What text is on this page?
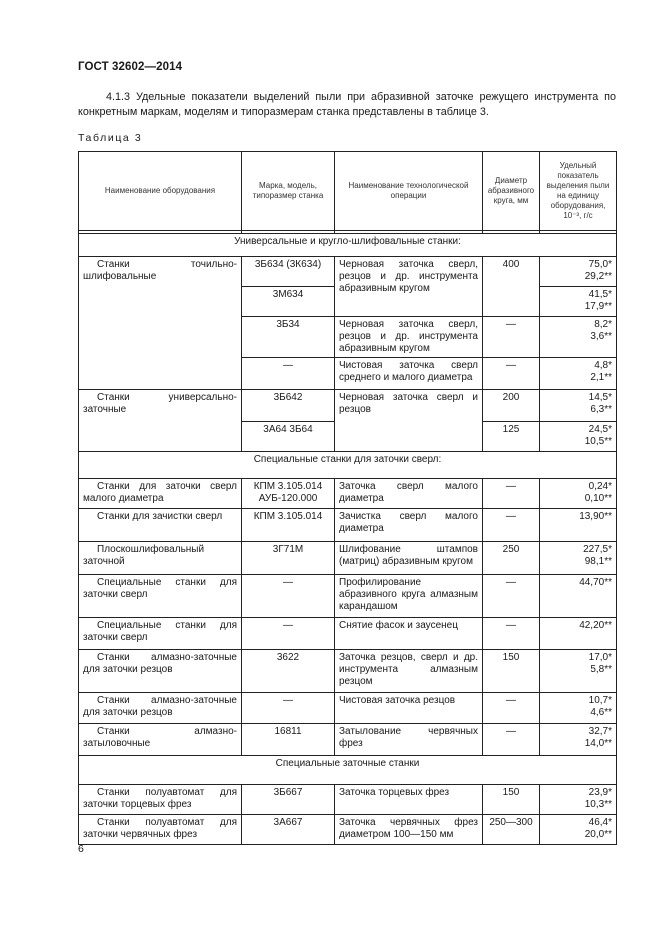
ГОСТ 32602—2014
4.1.3 Удельные показатели выделений пыли при абразивной заточке режущего инструмента по конкретным маркам, моделям и типоразмерам станка представлены в таблице 3.
Таблица 3
Наименование оборудования	Марка, модель, типоразмер станка	Наименование технологической операции	Диаметр абразивного круга, мм	Удельный показатель выделения пыли на единицу оборудования, 10⁻³, г/с

Универсальные и кругло-шлифовальные станки:				
Станки точильно-шлифовальные	3Б634 (3К634)	Черновая заточка сверл, резцов и др. инструмента абразивным кругом	400	75,0*
29,2**
	3М634			41,5*
17,9**
	3Б34	Черновая заточка сверл, резцов и др. инструмента абразивным кругом	—	8,2*
3,6**
	—	Чистовая заточка сверл среднего и малого диаметра	—	4,8*
2,1**
Станки универсально-заточные	3Б642	Черновая заточка сверл и резцов	200	14,5*
6,3**
	3А64 3Б64		125	24,5*
10,5**
Специальные станки для заточки сверл:				
Станки для заточки сверл малого диаметра	КПМ 3.105.014
АУБ-120.000	Заточка сверл малого диаметра	—	0,24*
0,10**
Станки для зачистки сверл	КПМ 3.105.014	Зачистка сверл малого диаметра	—	13,90**
Плоскошлифовальный заточной	3Г71М	Шлифование штампов (матриц) абразивным кругом	250	227,5*
98,1**
Специальные станки для заточки сверл	—	Профилирование абразивного круга алмазным карандашом	—	44,70**
Специальные станки для заточки сверл	—	Снятие фасок и заусенец	—	42,20**
Станки алмазно-заточные для заточки резцов	3622	Заточка резцов, сверл и др. инструмента алмазным резцом	150	17,0*
5,8**
Станки алмазно-заточные для заточки резцов	—	Чистовая заточка резцов	—	10,7*
4,6**
Станки алмазно-затыловочные	16811	Затылование червячных фрез	—	32,7*
14,0**
Специальные заточные станки				
Станки полуавтомат для заточки торцевых фрез	3Б667	Заточка торцевых фрез	150	23,9*
10,3**
Станки полуавтомат для заточки червячных фрез	3А667	Заточка червячных фрез диаметром 100—150 мм	250—300	46,4*
20,0**
6
